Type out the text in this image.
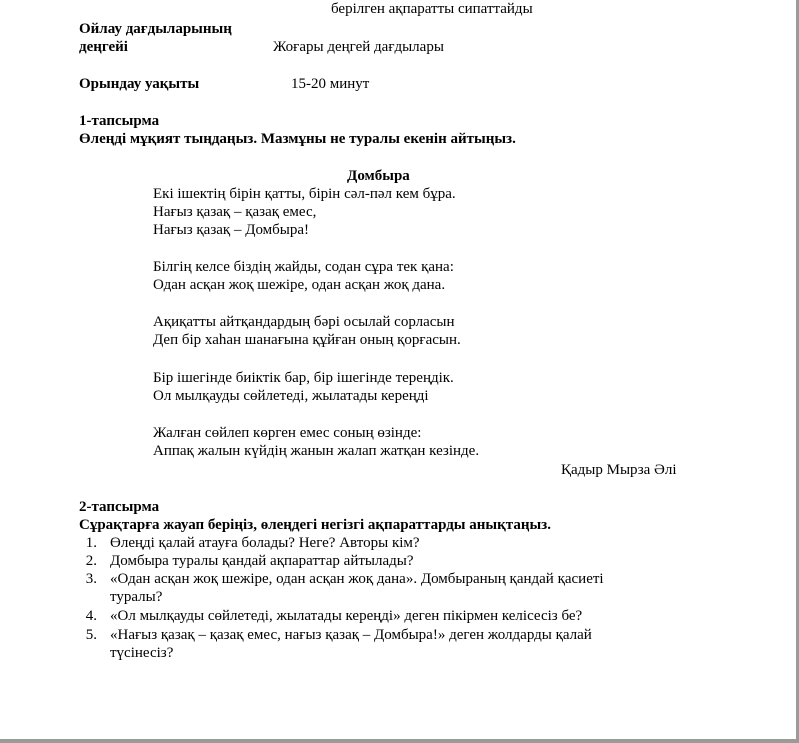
берілген ақпаратты сипаттайды
Ойлау дағдыларының
деңгейі	Жоғары деңгей дағдылары
Орындау уақыты	15-20 минут
1-тапсырма
Өлеңді мұқият тыңдаңыз. Мазмұны не туралы екенін айтыңыз.
Домбыра
Екі ішектің бірін қатты, бірін сәл-пәл кем бұра.
Нағыз қазақ – қазақ емес,
Нағыз қазақ – Домбыра!
Білгің келсе біздің жайды, содан сұра тек қана:
Одан асқан жоқ шежіре, одан асқан жоқ дана.
Ақиқатты айтқандардың бәрі осылай сорласын
Деп бір хаһан шанағына құйған оның қорғасын.
Бір ішегінде биіктік бар, бір ішегінде тереңдік.
Ол мылқауды сөйлетеді, жылатады кереңді
Жалған сөйлеп көрген емес соның өзінде:
Аппақ жалын күйдің жанын жалап жатқан кезінде.
Қадыр Мырза Әлі
2-тапсырма
Сұрақтарға жауап беріңіз, өлеңдегі негізгі ақпараттарды анықтаңыз.
1. Өлеңді қалай атауға болады? Неге? Авторы кім?
2. Домбыра туралы қандай ақпараттар айтылады?
3. «Одан асқан жоқ шежіре, одан асқан жоқ дана». Домбыраның қандай қасиеті
туралы?
4. «Ол мылқауды сөйлетеді, жылатады кереңді» деген пікірмен келісесіз бе?
5. «Нағыз қазақ – қазақ емес, нағыз қазақ – Домбыра!» деген жолдарды қалай
түсінесіз?
